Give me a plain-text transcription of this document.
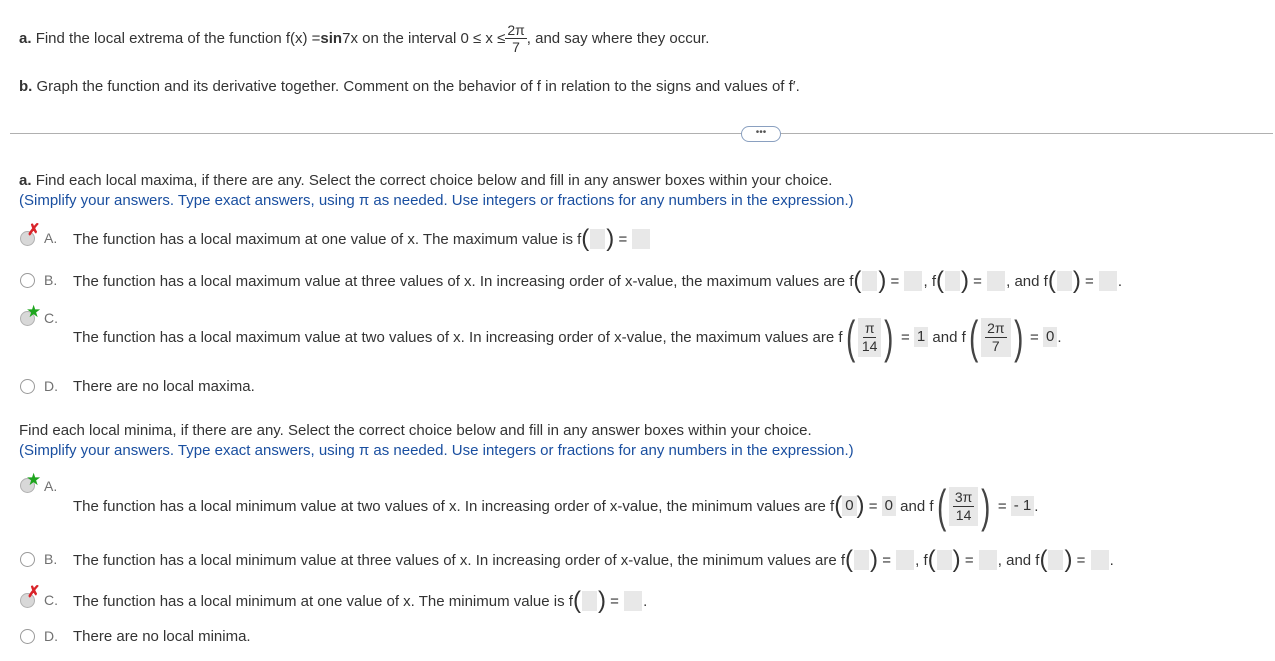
a.
Find the local extrema of the function f(x) = sin 7x on the interval $0 \le x \le \frac{2\pi}{7}$ , and say where they occur.
b. Graph the function and its derivative together. Comment on the behavior of f in relation to the signs and values of f′.
•••
a. Find each local maxima, if there are any. Select the correct choice below and fill in any answer boxes within your choice.
(Simplify your answers. Type exact answers, using π as needed. Use integers or fractions for any numbers in the expression.)
✗ A. The function has a local maximum at one value of x. The maximum value is f ( )
=

B. The function has a local maximum value at three values of x. In increasing order of x-value, the maximum values are f ( )
=
, f ( )
=
, and f ( )
=
.
★ C.
The function has a local maximum value at two values of x. In increasing order of x-value, the maximum values are f ( $\frac{\pi}{14}$ )
=
1
and f ( $\frac{2\pi}{7}$ )
=
0 .
D. There are no local maxima.
Find each local minima, if there are any. Select the correct choice below and fill in any answer boxes within your choice.
(Simplify your answers. Type exact answers, using π as needed. Use integers or fractions for any numbers in the expression.)
★ A.
The function has a local minimum value at two values of x. In increasing order of x-value, the minimum values are f ( 0 )
=
0
and f ( $\frac{3\pi}{14}$ )
=
- 1 .
B. The function has a local minimum value at three values of x. In increasing order of x-value, the minimum values are f ( )
=
, f ( )
=
, and f ( )
=
.
✗ C. The function has a local minimum at one value of x. The minimum value is f ( )
=
.
D. There are no local minima.
